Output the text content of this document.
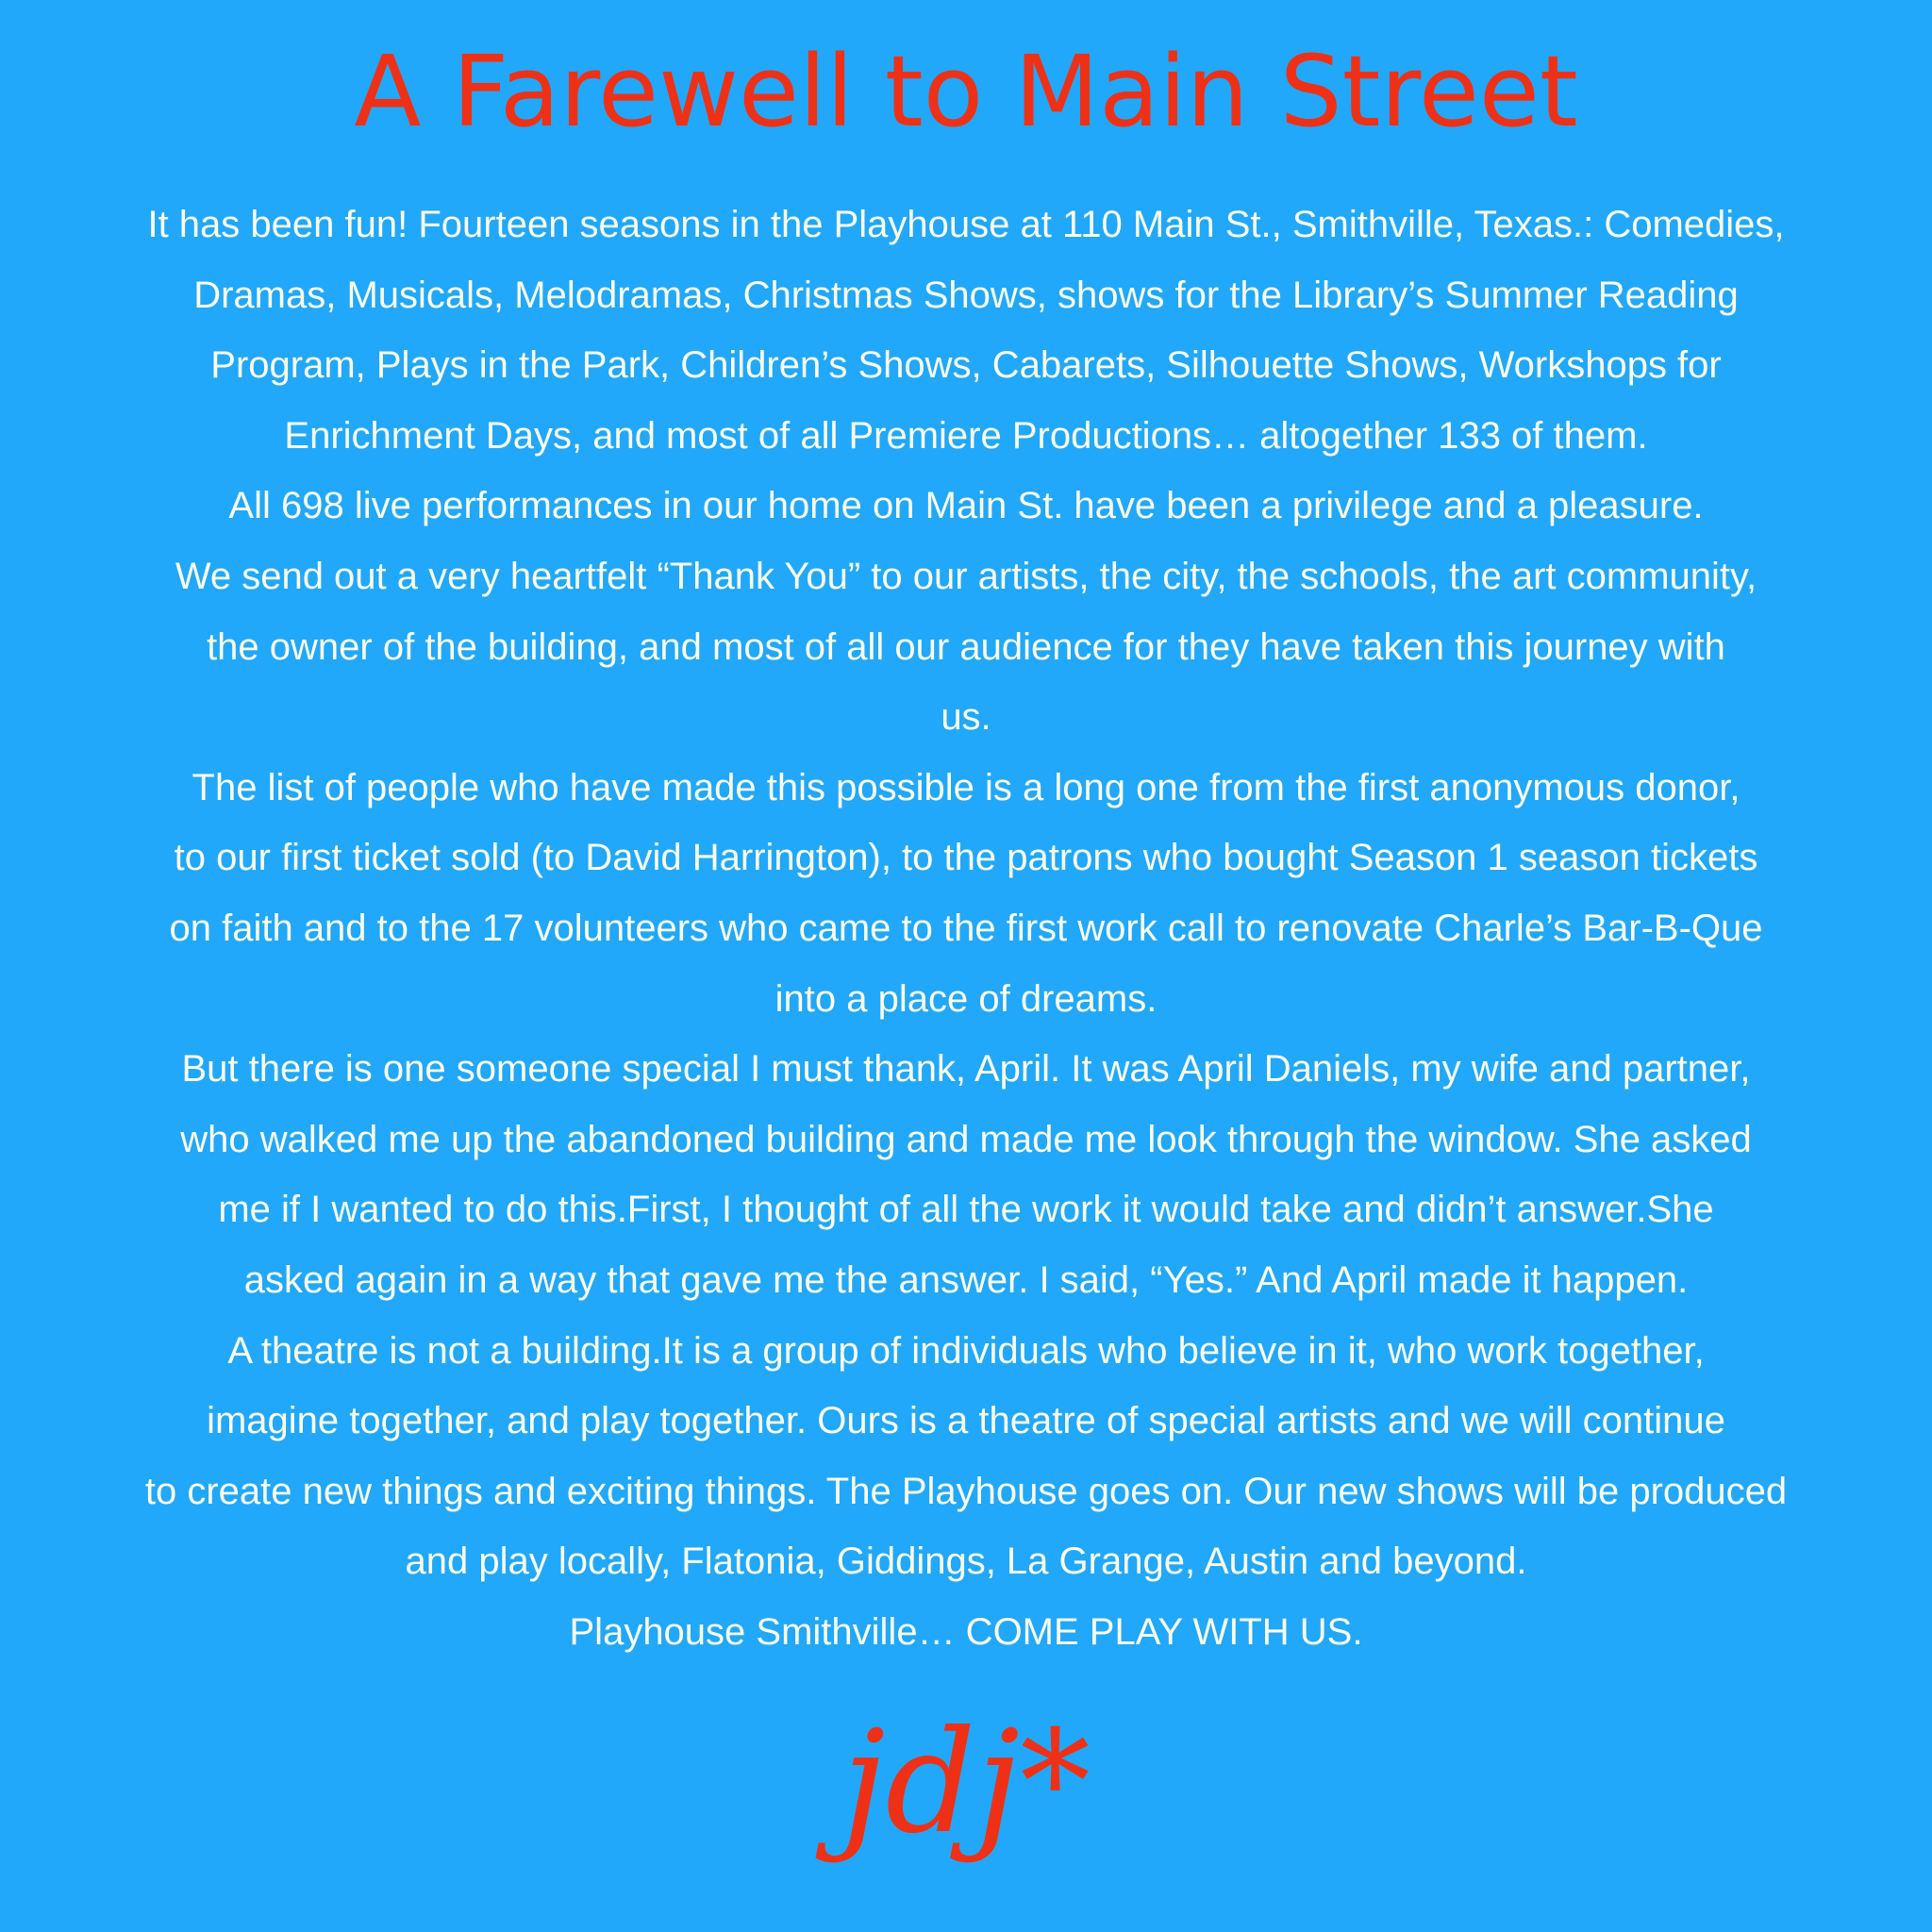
A Farewell to Main Street
It has been fun! Fourteen seasons in the Playhouse at 110 Main St., Smithville, Texas.: Comedies,
Dramas, Musicals, Melodramas, Christmas Shows, shows for the Library’s Summer Reading
Program, Plays in the Park, Children’s Shows, Cabarets, Silhouette Shows, Workshops for
Enrichment Days, and most of all Premiere Productions… altogether 133 of them.
All 698 live performances in our home on Main St. have been a privilege and a pleasure.
We send out a very heartfelt “Thank You” to our artists, the city, the schools, the art community,
the owner of the building, and most of all our audience for they have taken this journey with
us.
The list of people who have made this possible is a long one from the first anonymous donor,
to our first ticket sold (to David Harrington), to the patrons who bought Season 1 season tickets
on faith and to the 17 volunteers who came to the first work call to renovate Charle’s Bar-B-Que
into a place of dreams.
But there is one someone special I must thank, April. It was April Daniels, my wife and partner,
who walked me up the abandoned building and made me look through the window. She asked
me if I wanted to do this.First, I thought of all the work it would take and didn’t answer.She
asked again in a way that gave me the answer. I said, “Yes.” And April made it happen.
A theatre is not a building.It is a group of individuals who believe in it, who work together,
imagine together, and play together. Ours is a theatre of special artists and we will continue
to create new things and exciting things. The Playhouse goes on. Our new shows will be produced
and play locally, Flatonia, Giddings, La Grange, Austin and beyond.
Playhouse Smithville… COME PLAY WITH US.
jdj*
